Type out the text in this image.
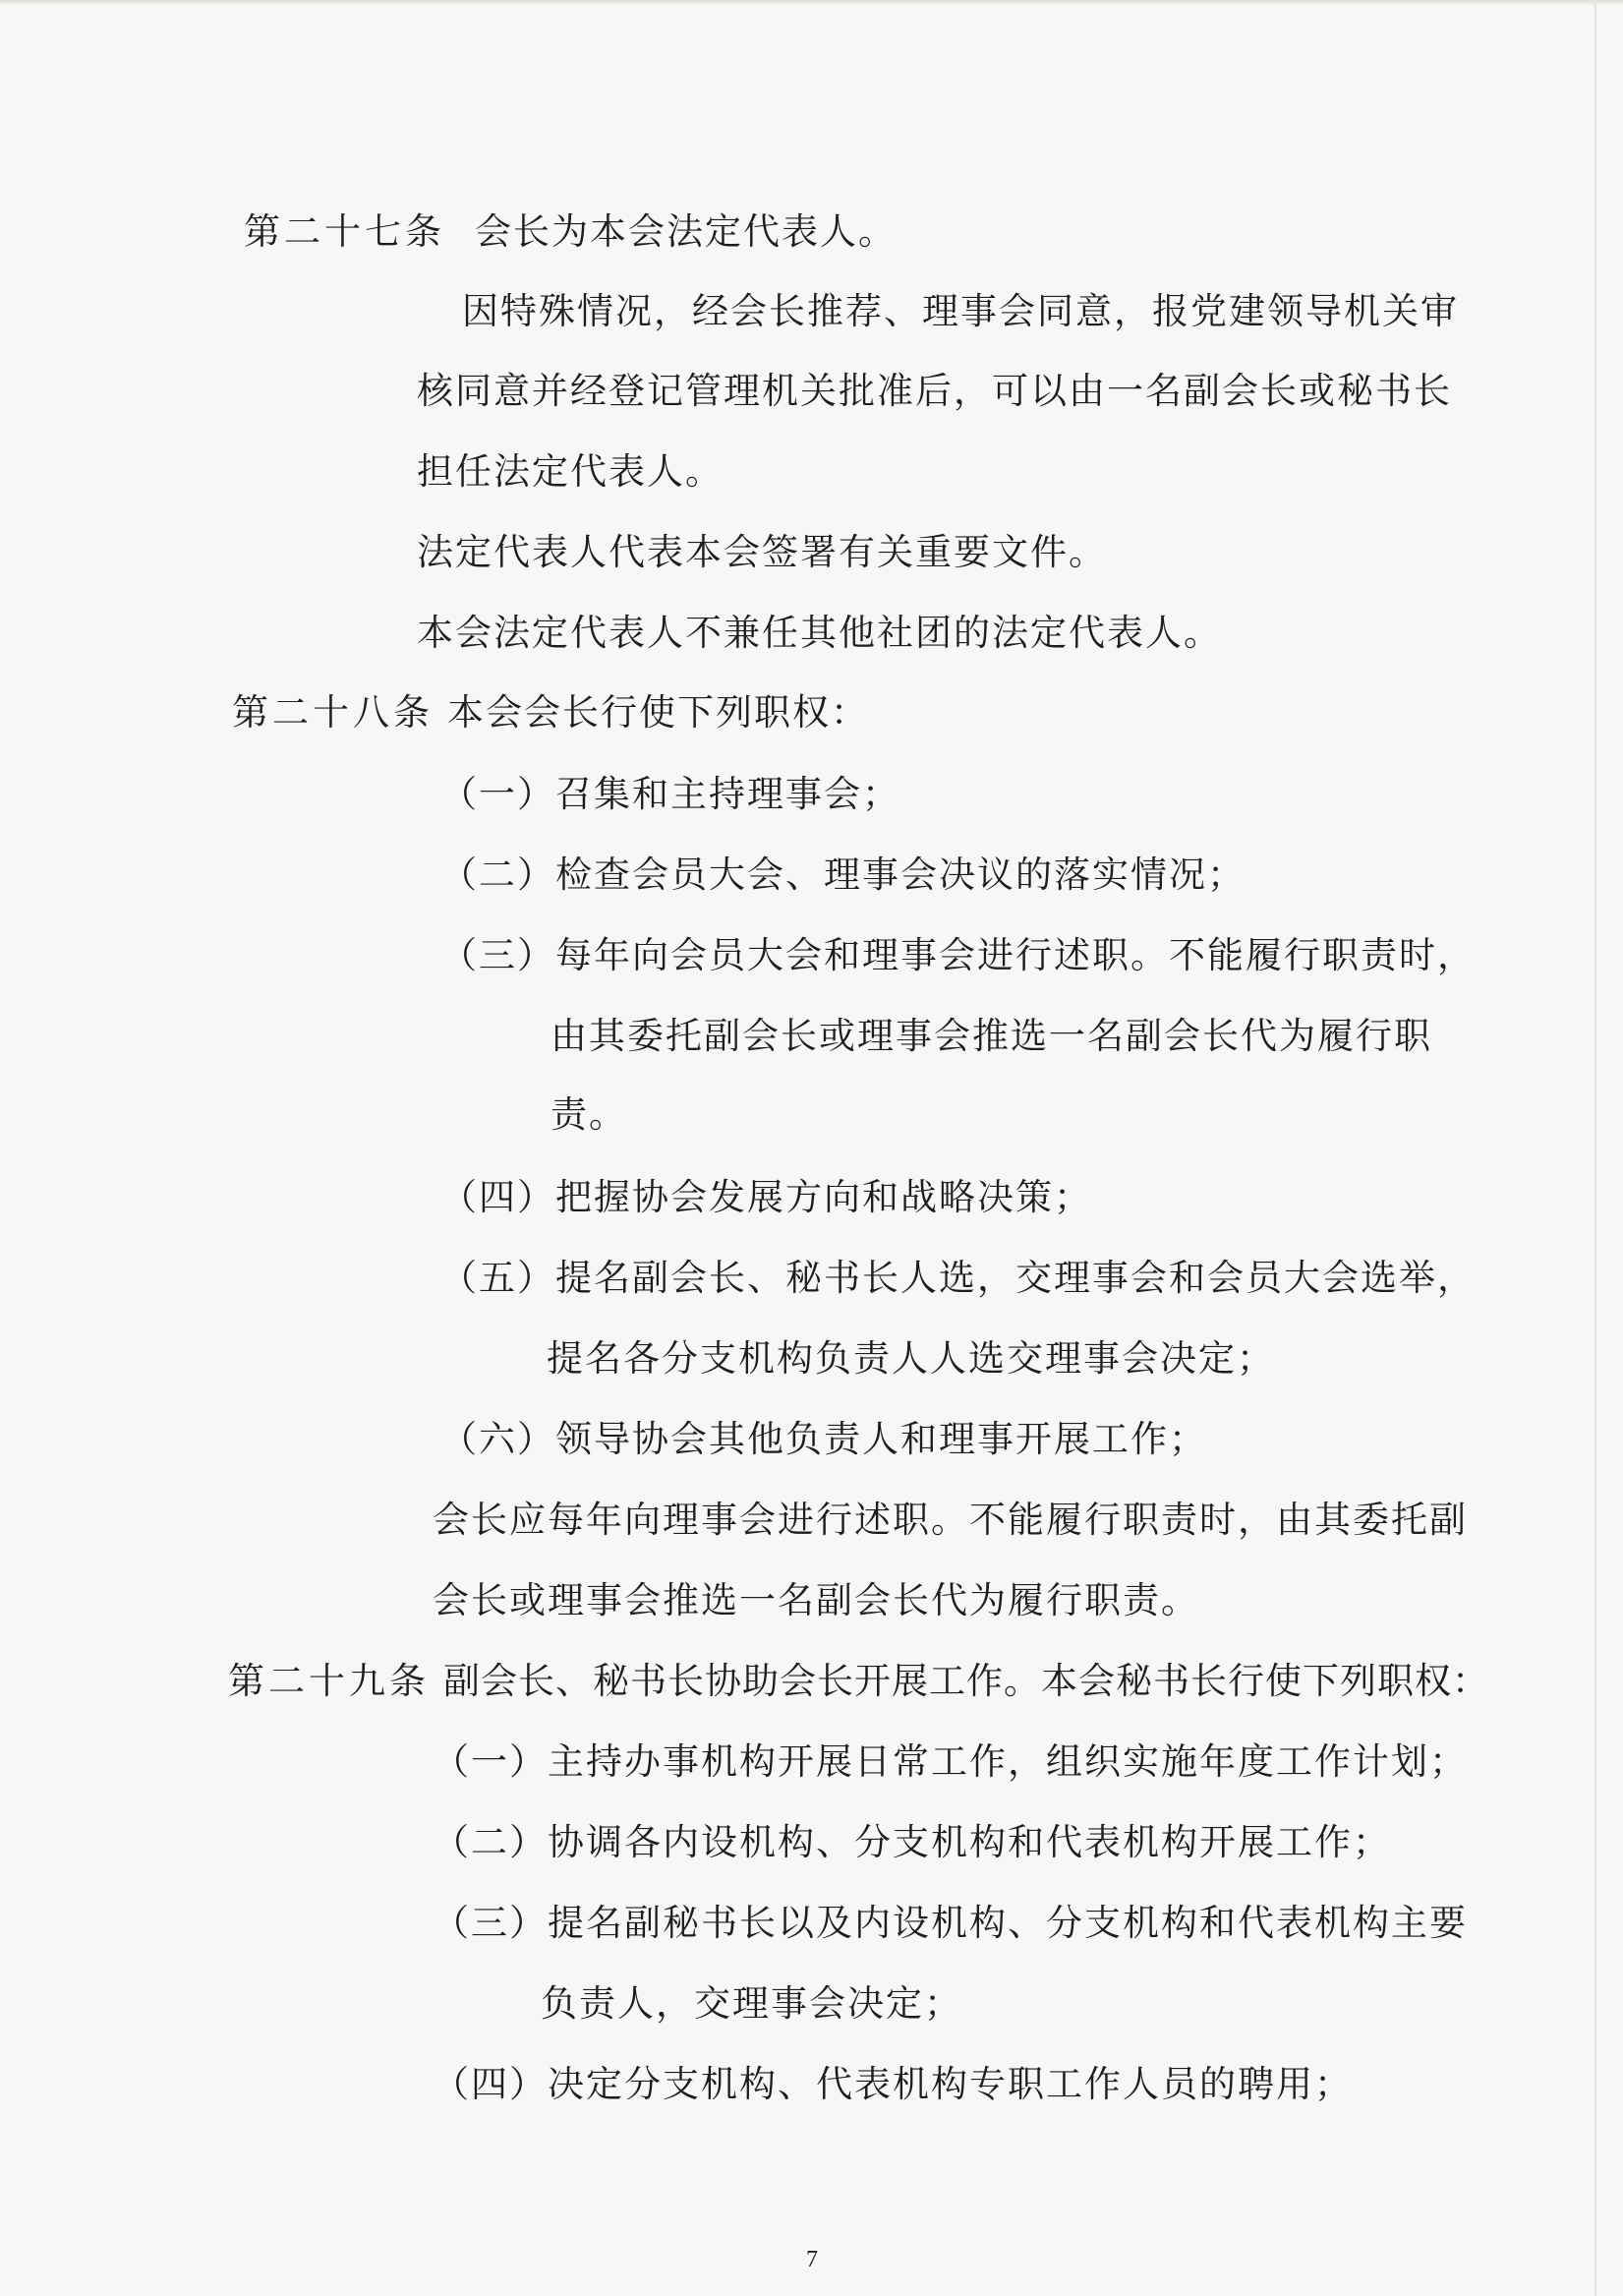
第二十七条 会长为本会法定代表人。
因特殊情况，经会长推荐、理事会同意，报党建领导机关审
核同意并经登记管理机关批准后，可以由一名副会长或秘书长
担任法定代表人。
法定代表人代表本会签署有关重要文件。
本会法定代表人不兼任其他社团的法定代表人。
第二十八条 本会会长行使下列职权：
（一）召集和主持理事会；
（二）检查会员大会、理事会决议的落实情况；
（三）每年向会员大会和理事会进行述职。不能履行职责时，
由其委托副会长或理事会推选一名副会长代为履行职
责。
（四）把握协会发展方向和战略决策；
（五）提名副会长、秘书长人选，交理事会和会员大会选举，
提名各分支机构负责人人选交理事会决定；
（六）领导协会其他负责人和理事开展工作；
会长应每年向理事会进行述职。不能履行职责时，由其委托副
会长或理事会推选一名副会长代为履行职责。
第二十九条 副会长、秘书长协助会长开展工作。本会秘书长行使下列职权：
（一）主持办事机构开展日常工作，组织实施年度工作计划；
（二）协调各内设机构、分支机构和代表机构开展工作；
（三）提名副秘书长以及内设机构、分支机构和代表机构主要
负责人，交理事会决定；
（四）决定分支机构、代表机构专职工作人员的聘用；
7
